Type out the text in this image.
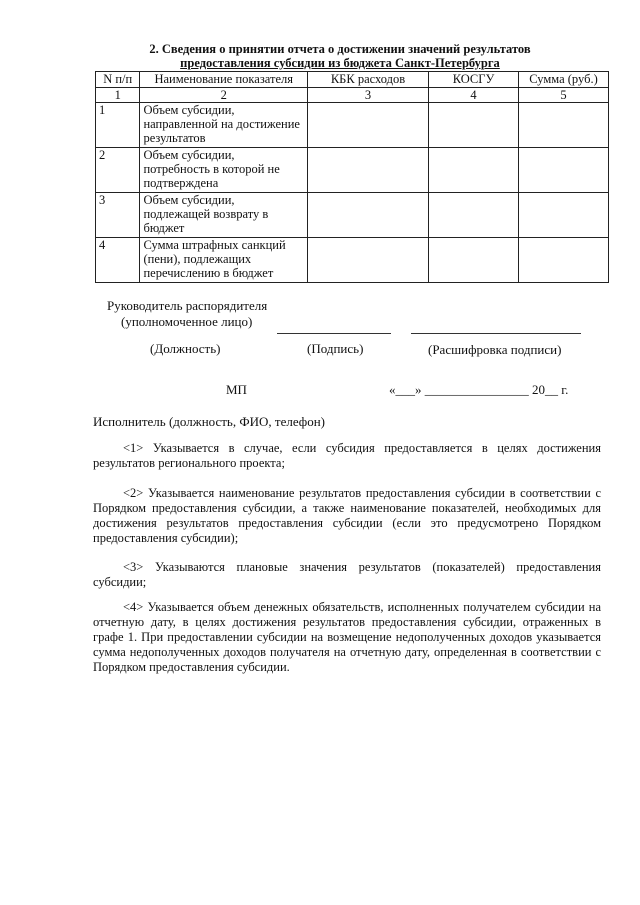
2. Сведения о принятии отчета о достижении значений результатов
предоставления субсидии из бюджета Санкт-Петербурга
N п/п	Наименование показателя	КБК расходов	КОСГУ	Сумма (руб.)
1	2	3	4	5
1	Объем субсидии, направленной на достижение результатов			
2	Объем субсидии, потребность в которой не подтверждена			
3	Объем субсидии, подлежащей возврату в бюджет			
4	Сумма штрафных санкций (пени), подлежащих перечислению в бюджет			
Руководитель распорядителя
(уполномоченное лицо)
(Должность)	(Подпись)	(Расшифровка подписи)
МП	«___» ________________ 20__ г.
Исполнитель (должность, ФИО, телефон)
<1> Указывается в случае, если субсидия предоставляется в целях достижения результатов регионального проекта;
<2> Указывается наименование результатов предоставления субсидии в соответствии с Порядком предоставления субсидии, а также наименование показателей, необходимых для достижения результатов предоставления субсидии (если это предусмотрено Порядком предоставления субсидии);
<3> Указываются плановые значения результатов (показателей) предоставления субсидии;
<4> Указывается объем денежных обязательств, исполненных получателем субсидии на отчетную дату, в целях достижения результатов предоставления субсидии, отраженных в графе 1. При предоставлении субсидии на возмещение недополученных доходов указывается сумма недополученных доходов получателя на отчетную дату, определенная в соответствии с Порядком предоставления субсидии.
